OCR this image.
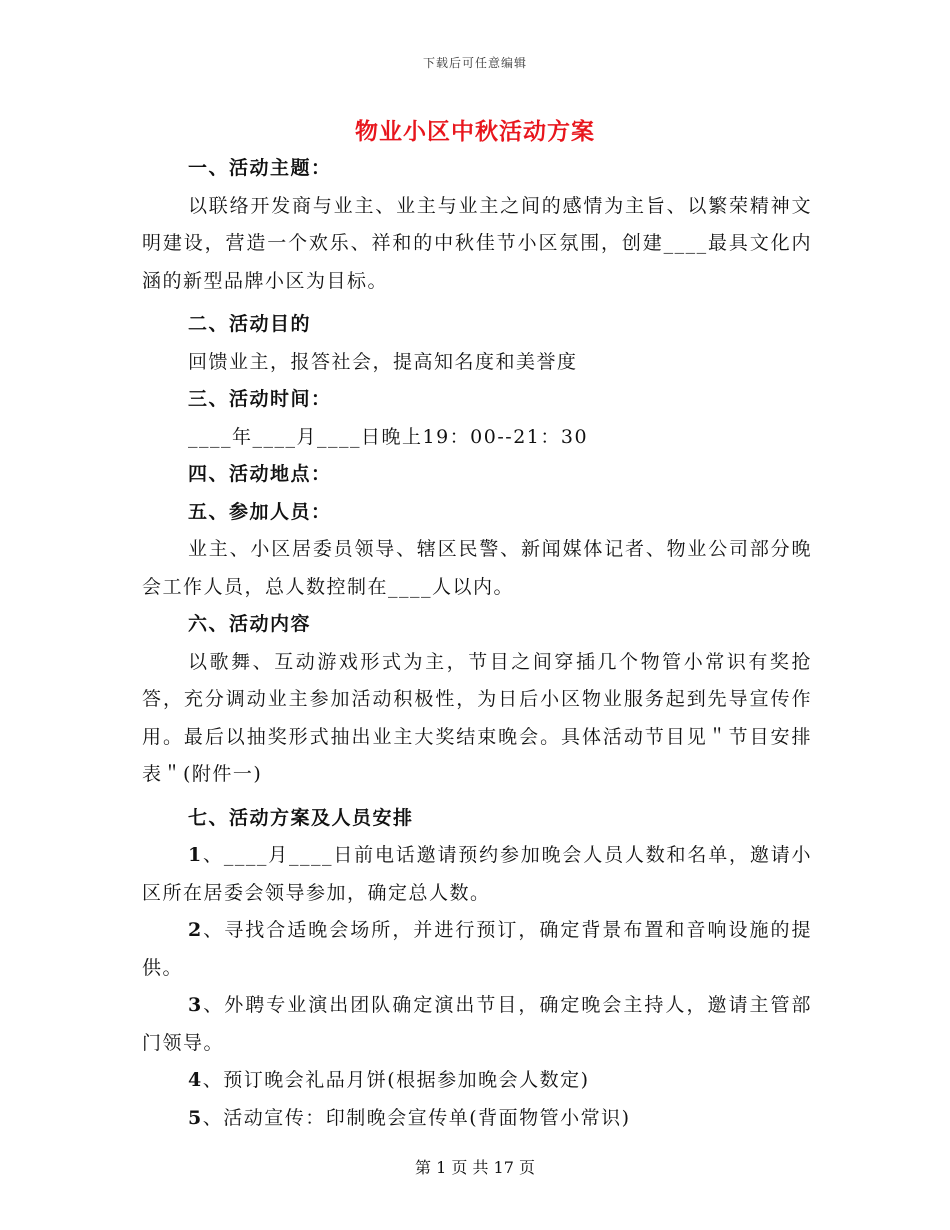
下载后可任意编辑
物业小区中秋活动方案

一、活动主题：

以联络开发商与业主、业主与业主之间的感情为主旨、以繁荣精神文明建设，营造一个欢乐、祥和的中秋佳节小区氛围，创建____最具文化内涵的新型品牌小区为目标。

二、活动目的

回馈业主，报答社会，提高知名度和美誉度

三、活动时间：

____年____月____日晚上19：00--21：30

四、活动地点：

五、参加人员：

业主、小区居委员领导、辖区民警、新闻媒体记者、物业公司部分晚会工作人员，总人数控制在____人以内。

六、活动内容

以歌舞、互动游戏形式为主，节目之间穿插几个物管小常识有奖抢答，充分调动业主参加活动积极性，为日后小区物业服务起到先导宣传作用。最后以抽奖形式抽出业主大奖结束晚会。具体活动节目见＂节目安排表＂(附件一)

七、活动方案及人员安排

1、____月____日前电话邀请预约参加晚会人员人数和名单，邀请小区所在居委会领导参加，确定总人数。

2、寻找合适晚会场所，并进行预订，确定背景布置和音响设施的提供。

3、外聘专业演出团队确定演出节目，确定晚会主持人，邀请主管部门领导。

4、预订晚会礼品月饼(根据参加晚会人数定)

5、活动宣传：印制晚会宣传单(背面物管小常识)

第 1 页 共 17 页
